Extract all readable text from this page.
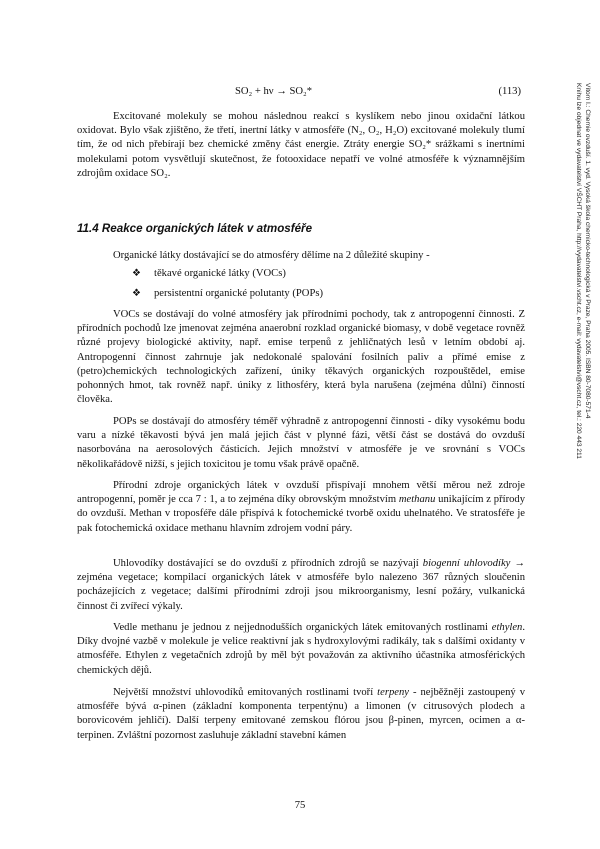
SO₂ + hν → SO₂*	(113)

Excitované molekuly se mohou následnou reakcí s kyslíkem nebo jinou oxidační látkou oxidovat. Bylo však zjištěno, že třetí, inertní látky v atmosféře (N₂, O₂, H₂O) excitované molekuly tlumí tím, že od nich přebírají bez chemické změny část energie. Ztráty energie SO₂* srážkami s inertními molekulami potom vysvětlují skutečnost, že fotooxidace nepatří ve volné atmosféře k významnějším zdrojům oxidace SO₂.

11.4 Reakce organických látek v atmosféře

Organické látky dostávající se do atmosféry dělíme na 2 důležité skupiny -

❖ těkavé organické látky (VOCs)
❖ persistentní organické polutanty (POPs)

VOCs se dostávají do volné atmosféry jak přírodními pochody, tak z antropogenní činnosti. Z přírodních pochodů lze jmenovat zejména anaerobní rozklad organické biomasy, v době vegetace rovněž různé projevy biologické aktivity, např. emise terpenů z jehličnatých lesů v letním období aj. Antropogenní činnost zahrnuje jak nedokonalé spalování fosilních paliv a přímé emise z (petro)chemických technologických zařízení, úniky těkavých organických rozpouštědel, emise pohonných hmot, tak rovněž např. úniky z lithosféry, která byla narušena (zejména důlní) činností člověka.

POPs se dostávají do atmosféry téměř výhradně z antropogenní činnosti - díky vysokému bodu varu a nízké těkavosti bývá jen malá jejich část v plynné fázi, větší část se dostává do ovzduší nasorbována na aerosolových částicích. Jejich množství v atmosféře je ve srovnání s VOCs několikařádově nižší, s jejich toxicitou je tomu však právě opačně.

Přírodní zdroje organických látek v ovzduší přispívají mnohem větší měrou než zdroje antropogenní, poměr je cca 7 : 1, a to zejména díky obrovským množstvím methanu unikajícím z přírody do ovzduší. Methan v troposféře dále přispívá k fotochemické tvorbě oxidu uhelnatého. Ve stratosféře je pak fotochemická oxidace methanu hlavním zdrojem vodní páry.

Uhlovodíky dostávající se do ovzduší z přírodních zdrojů se nazývají biogenní uhlovodíky → zejména vegetace; kompilací organických látek v atmosféře bylo nalezeno 367 různých sloučenin pocházejících z vegetace; dalšími přírodními zdroji jsou mikroorganismy, lesní požáry, vulkanická činnost či zvířecí výkaly.

Vedle methanu je jednou z nejjednodušších organických látek emitovaných rostlinami ethylen. Díky dvojné vazbě v molekule je velice reaktivní jak s hydroxylovými radikály, tak s dalšími oxidanty v atmosféře. Ethylen z vegetačních zdrojů by měl být považován za aktivního účastníka atmosférických chemických dějů.

Největší množství uhlovodíků emitovaných rostlinami tvoří terpeny - nejběžněji zastoupený v atmosféře bývá α-pinen (základní komponenta terpentýnu) a limonen (v citrusových plodech a borovicovém jehličí). Další terpeny emitované zemskou flórou jsou β-pinen, myrcen, ocimen a α-terpinen. Zvláštní pozornost zasluhuje základní stavební kámen

Vítom I.: Chemie ovzduší. 1. vyd. Vysoká škola chemicko-technologická v Praze, Praha 2005. ISBN 80-7080-571-4
Knihu lze objednat ve vydavatelství VŠCHT Praha, http://vydavatelstvi.vscht.cz, e-mail: vydavatelstvi@vscht.cz, tel.: 220 443 211
75
